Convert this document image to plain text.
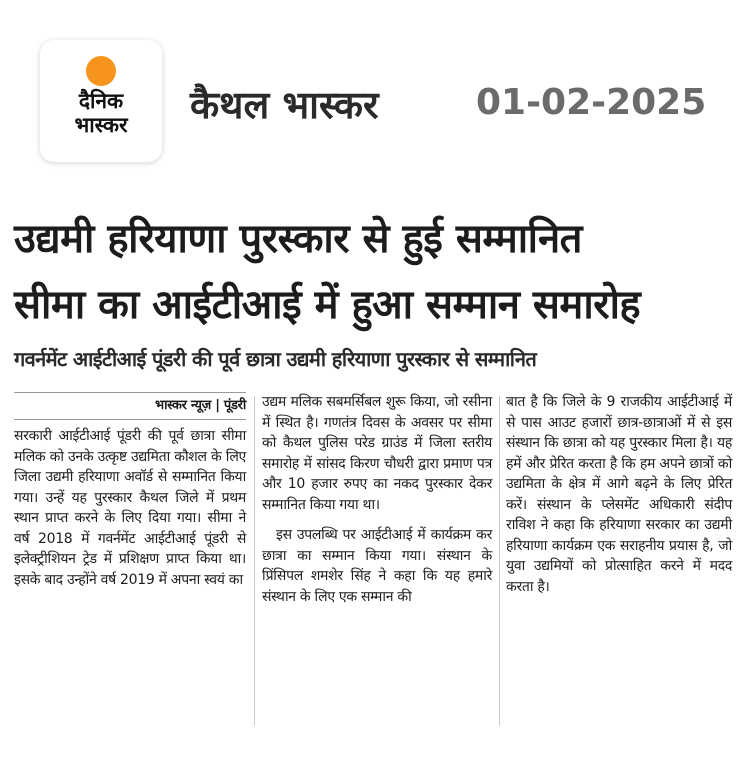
दैनिक
भास्कर	कैथल भास्कर	01-02-2025
उद्यमी हरियाणा पुरस्कार से हुई सम्मानित
सीमा का आईटीआई में हुआ सम्मान समारोह
गवर्नमेंट आईटीआई पूंडरी की पूर्व छात्रा उद्यमी हरियाणा पुरस्कार से सम्मानित
भास्कर न्यूज़ | पूंडरी

सरकारी आईटीआई पूंडरी की पूर्व छात्रा सीमा मलिक को उनके उत्कृष्ट उद्यमिता कौशल के लिए जिला उद्यमी हरियाणा अवॉर्ड से सम्मानित किया गया। उन्हें यह पुरस्कार कैथल जिले में प्रथम स्थान प्राप्त करने के लिए दिया गया। सीमा ने वर्ष 2018 में गवर्नमेंट आईटीआई पूंडरी से इलेक्ट्रीशियन ट्रेड में प्रशिक्षण प्राप्त किया था। इसके बाद उन्होंने वर्ष 2019 में अपना स्वयं का

उद्यम मलिक सबमर्सिबल शुरू किया, जो रसीना में स्थित है। गणतंत्र दिवस के अवसर पर सीमा को कैथल पुलिस परेड ग्राउंड में जिला स्तरीय समारोह में सांसद किरण चौधरी द्वारा प्रमाण पत्र और 10 हजार रुपए का नकद पुरस्कार देकर सम्मानित किया गया था।

इस उपलब्धि पर आईटीआई में कार्यक्रम कर छात्रा का सम्मान किया गया। संस्थान के प्रिंसिपल शमशेर सिंह ने कहा कि यह हमारे संस्थान के लिए एक सम्मान की

बात है कि जिले के 9 राजकीय आईटीआई में से पास आउट हजारों छात्र-छात्राओं में से इस संस्थान कि छात्रा को यह पुरस्कार मिला है। यह हमें और प्रेरित करता है कि हम अपने छात्रों को उद्यमिता के क्षेत्र में आगे बढ़ने के लिए प्रेरित करें। संस्थान के प्लेसमेंट अधिकारी संदीप राविश ने कहा कि हरियाणा सरकार का उद्यमी हरियाणा कार्यक्रम एक सराहनीय प्रयास है, जो युवा उद्यमियों को प्रोत्साहित करने में मदद करता है।
